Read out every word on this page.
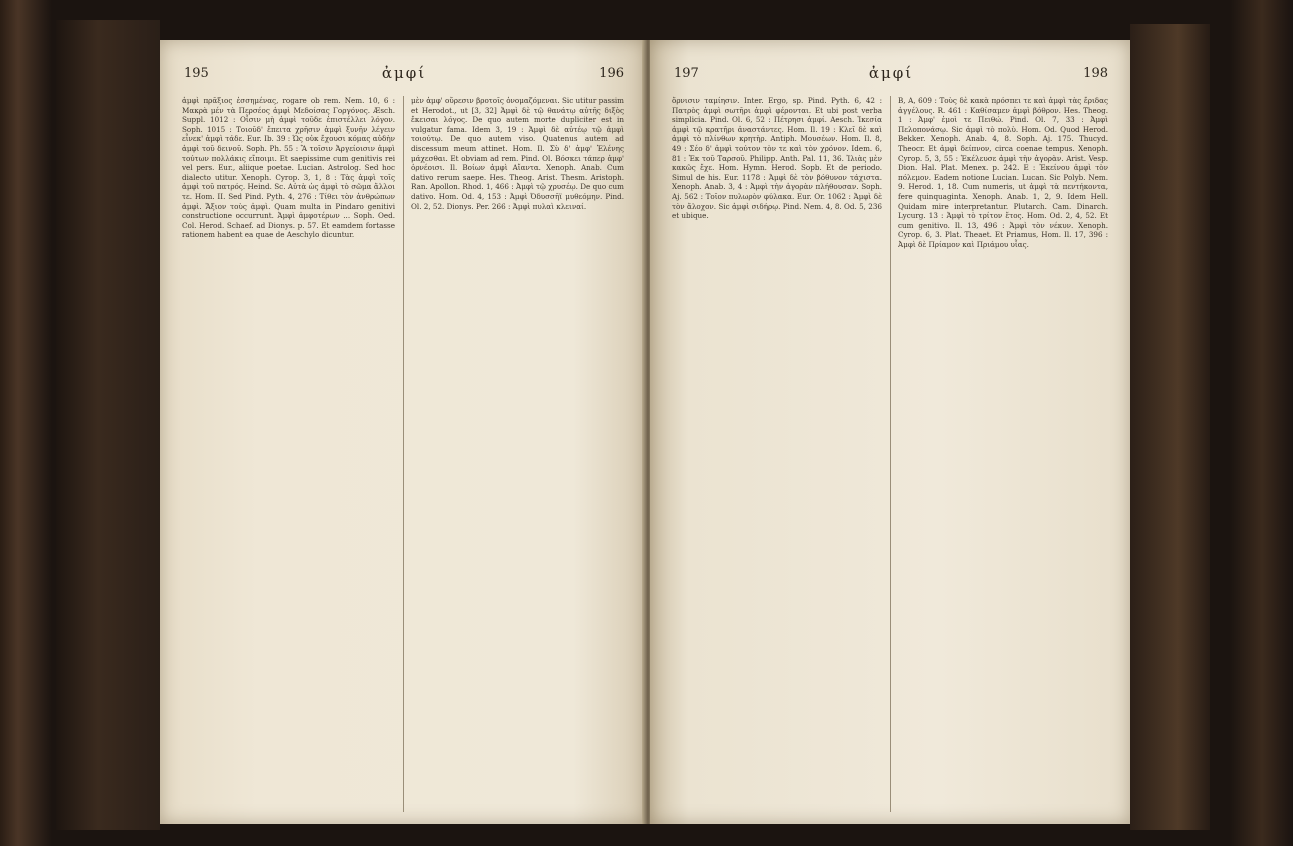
195	ἀμφί	196

ἀμφὶ πρᾶξιος ἐσσημένας, rogare ob rem. Nem. 10, 6 : Μακρὰ μέν τὰ Περσέος ἀμφὶ Μεδοίσας Γοργόνος. Æsch. Suppl. 1012 : Οἷσιν μὴ ἀμφὶ τοῦδε ἐπιστέλλει λόγον. Soph. 1015 : Τοιοῦδ' ἔπειτα χρῆσιν ἀμφὶ ξυνῆν λέγειν εἶνεκ' ἀμφὶ τάδε. Eur. Ib. 39 : Ὡς οὐκ ἔχουσι κόμας αὐδὴν ἀμφὶ τοῦ δεινοῦ. Soph. Ph. 55 : Ἃ τοῖσιν Ἀργείοισιν ἀμφὶ τούτων πολλάκις εἴποιμι. Et saepissime cum genitivis rei vel pers. Eur., aliique poetae. Lucian. Astrolog. Sed hoc dialecto utitur. Xenoph. Cyrop. 3, 1, 8 : Τὰς ἀμφὶ τοῖς ἀμφὶ τοῦ πατρός. Heind. Sc. Αὐτὰ ὡς ἀμφὶ τὸ σῶμα ἄλλοι τε. Hom. II. Sed Pind. Pyth. 4, 276 : Τίθει τὸν ἀνθρώπων ἀμφὶ. Ἄξιον τοὺς ἀμφὶ. Quam multa in Pindaro genitivi constructione occurrunt. Ἀμφὶ ἀμφοτέρων ... Soph. Oed. Col. Herod. Schaef. ad Dionys. p. 57. Et eamdem fortasse rationem habent ea quae de Aeschylo dicuntur.

μὲν ἀμφ' οὔρεσιν βροτοῖς ὀνομαζόμεναι. Sic utitur passim et Herodot., ut [3, 32] Ἀμφὶ δὲ τῷ θανάτῳ αὐτῆς διξὸς ἔκεισαι λόγος. De quo autem morte dupliciter est in vulgatur fama. Idem 3, 19 : Ἀμφὶ δὲ αὐτέῳ τῷ ἀμφὶ τοιούτῳ. De quo autem viso. Quatenus autem ad discessum meum attinet. Hom. Il. Σὺ δ' ἀμφ' Ἑλένης μάχεσθαι. Et obviam ad rem. Pind. Ol. Βόσκει τάπερ ἀμφ' ὀρνέοισι. Il. Βοίων ἀμφὶ Αἴαντα. Xenoph. Anab. Cum dativo rerum saepe. Hes. Theog. Arist. Thesm. Aristoph. Ran. Apollon. Rhod. 1, 466 : Ἀμφὶ τῷ χρυσέῳ. De quo cum dativo. Hom. Od. 4, 153 : Ἀμφὶ Ὀδυσσῆϊ μυθεόμην. Pind. Ol. 2, 52. Dionys. Per. 266 : Ἀμφὶ πυλαὶ κλειναί.

197	ἀμφί	198

ὄρνισιν ταμίησιν. Inter. Ergo, sp. Pind. Pyth. 6, 42 : Πατρὸς ἀμφὶ σωτῆρι ἀμφὶ φέρονται. Et ubi post verba simplicia. Pind. Ol. 6, 52 : Πέτρησι ἀμφί. Aesch. Ἱκεσία ἀμφὶ τῷ κρατῆρι ἀναστάντες. Hom. Il. 19 : Κλεῖ δὲ καὶ ἀμφὶ τὸ πλίνθων κρητὴρ. Antiph. Μουσέων. Hom. Il. 8, 49 : Σέο δ' ἀμφὶ τούτον τὸν τε καὶ τὸν χρόνον. Idem. 6, 81 : Ἐκ τοῦ Ταρσοῦ. Philipp. Anth. Pal. 11, 36. Ἰλιὰς μὲν κακῶς ἔχε. Hom. Hymn. Herod. Sopb. Et de periodo. Simul de his. Eur. 1178 : Ἀμφὶ δὲ τὸν βόθυνον τάχιστα. Xenoph. Anab. 3, 4 : Ἀμφὶ τὴν ἀγορὰν πλήθουσαν. Soph. Aj. 562 : Τοῖον πυλωρὸν φύλακα. Eur. Or. 1062 : Ἀμφὶ δὲ τὸν ἄλοχον. Sic ἀμφὶ σιδήρῳ. Pind. Nem. 4, 8. Od. 5, 236 et ubique.

B, A, 609 : Τοὺς δὲ κακὰ πρόσπει τε καὶ ἀμφὶ τὰς ἔριδας ἀγγέλους. R. 461 : Καθίσαμεν ἀμφὶ βόθρον. Hes. Theog. 1 : Ἀμφ' ἐμοὶ τε Πειθώ. Pind. Ol. 7, 33 : Ἀμφὶ Πελοπονάσῳ. Sic ἀμφὶ τὸ πολὺ. Hom. Od. Quod Herod. Bekker. Xenoph. Anab. 4, 8. Soph. Aj. 175. Thucyd. Theocr. Et ἀμφὶ δείπνον, circa coenae tempus. Xenoph. Cyrop. 5, 3, 55 : Ἐκέλευσε ἀμφὶ τὴν ἀγορὰν. Arist. Vesp. Dion. Hal. Plat. Menex. p. 242. E : Ἐκείνου ἀμφὶ τὸν πόλεμον. Eadem notione Lucian. Lucan. Sic Polyb. Nem. 9. Herod. 1, 18. Cum numeris, ut ἀμφὶ τὰ πεντήκοντα, fere quinquaginta. Xenoph. Anab. 1, 2, 9. Idem Hell. Quidam mire interpretantur. Plutarch. Cam. Dinarch. Lycurg. 13 : Ἀμφὶ τὸ τρίτον ἔτος. Hom. Od. 2, 4, 52. Et cum genitivo. Il. 13, 496 : Ἀμφὶ τὸν νέκυν. Xenoph. Cyrop. 6, 3. Plat. Theaet. Et Priamus, Hom. Il. 17, 396 : Ἀμφὶ δὲ Πρίαμον καὶ Πριάμου υἷας.
